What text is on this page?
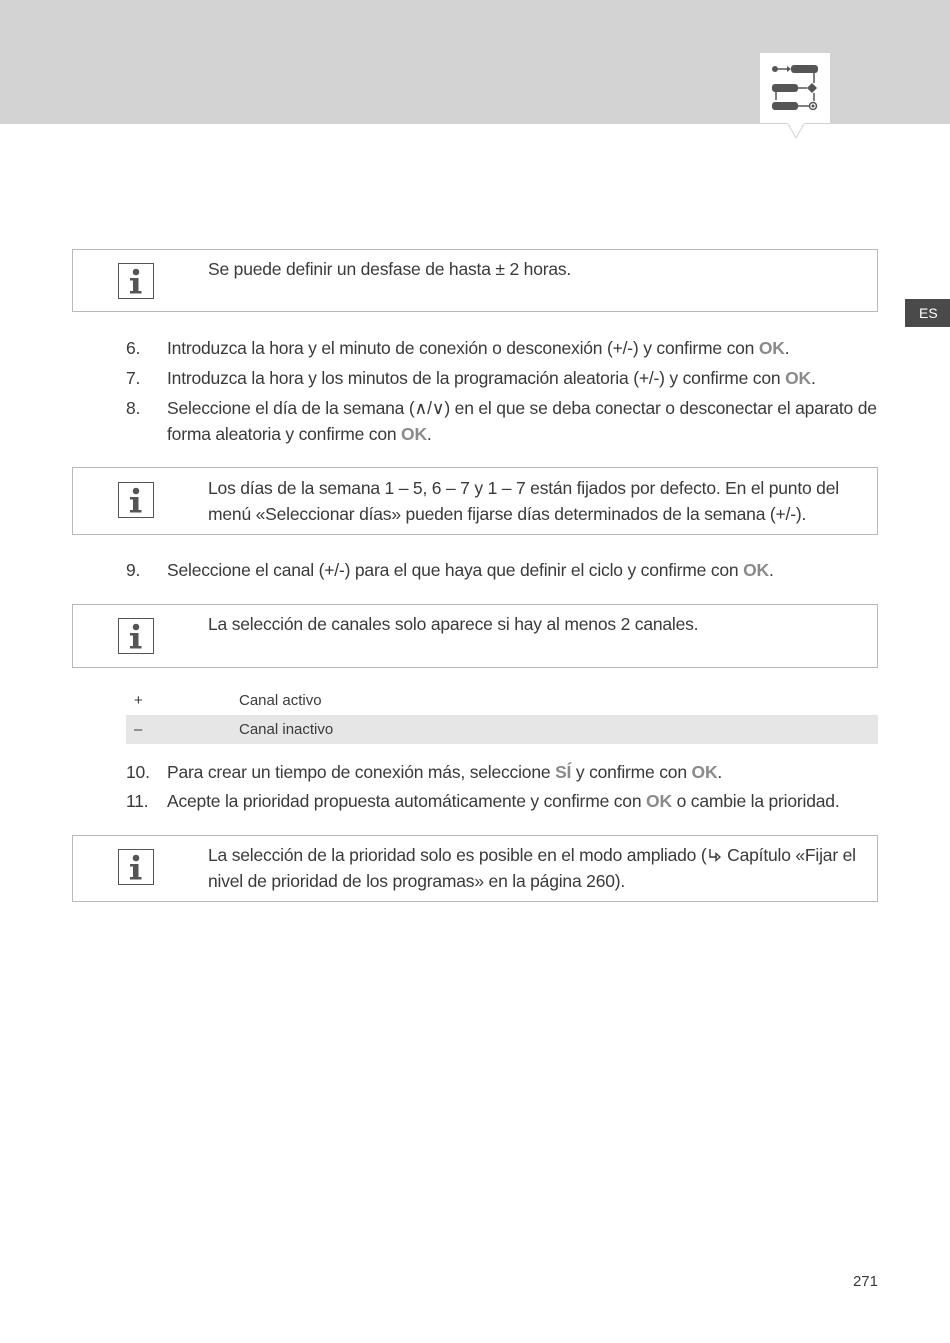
ES
Se puede definir un desfase de hasta ± 2 horas.
6. Introduzca la hora y el minuto de conexión o desconexión (+/-) y confirme con OK.
7. Introduzca la hora y los minutos de la programación aleatoria (+/-) y confirme con OK.
8. Seleccione el día de la semana (∧/∨) en el que se deba conectar o desconectar el aparato de forma aleatoria y confirme con OK.
Los días de la semana 1 – 5, 6 – 7 y 1 – 7 están fijados por defecto. En el punto del menú «Seleccionar días» pueden fijarse días determinados de la semana (+/-).
9. Seleccione el canal (+/-) para el que haya que definir el ciclo y confirme con OK.
La selección de canales solo aparece si hay al menos 2 canales.
+	Canal activo
–	Canal inactivo
10. Para crear un tiempo de conexión más, seleccione SÍ y confirme con OK.
11. Acepte la prioridad propuesta automáticamente y confirme con OK o cambie la prioridad.
La selección de la prioridad solo es posible en el modo ampliado ( Capítulo «Fijar el nivel de prioridad de los programas» en la página 260).
271
